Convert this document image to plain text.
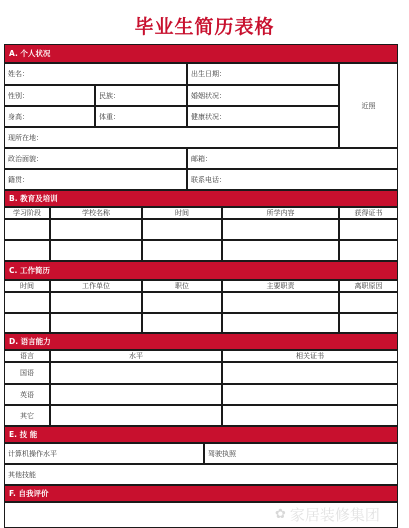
毕业生简历表格
A. 个人状况
姓名：	出生日期：
近照
性别：	民族：	婚姻状况：
身高：	体重：	健康状况：
现所在地：
政治面貌：	邮箱：
籍贯：	联系电话：
B. 教育及培训
学习阶段	学校名称	时间	所学内容	获得证书
C. 工作简历
时间	工作单位	职位	主要职责	离职原因
D. 语言能力
语言	水平	相关证书
国语
英语
其它
E. 技 能
计算机操作水平	驾驶执照
其他技能
F. 自我评价
✿ 家居装修集团
